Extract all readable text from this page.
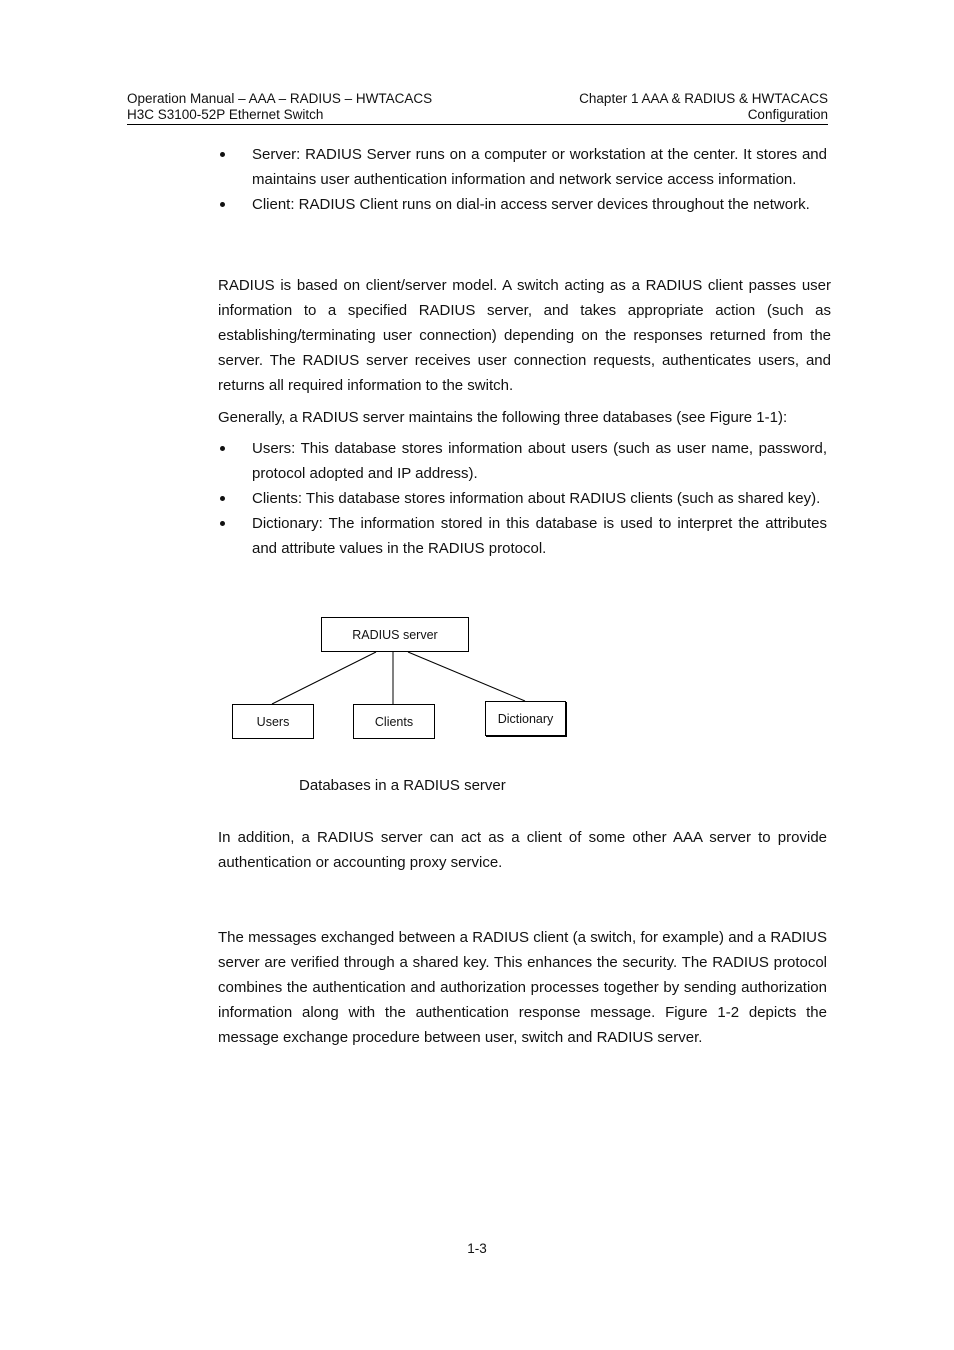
Operation Manual – AAA – RADIUS – HWTACACS
H3C S3100-52P Ethernet Switch
Chapter 1 AAA & RADIUS & HWTACACS
Configuration
Server: RADIUS Server runs on a computer or workstation at the center. It stores and maintains user authentication information and network service access information.
Client: RADIUS Client runs on dial-in access server devices throughout the network.
RADIUS is based on client/server model. A switch acting as a RADIUS client passes user information to a specified RADIUS server, and takes appropriate action (such as establishing/terminating user connection) depending on the responses returned from the server. The RADIUS server receives user connection requests, authenticates users, and returns all required information to the switch.
Generally, a RADIUS server maintains the following three databases (see Figure 1-1):
Users: This database stores information about users (such as user name, password, protocol adopted and IP address).
Clients: This database stores information about RADIUS clients (such as shared key).
Dictionary: The information stored in this database is used to interpret the attributes and attribute values in the RADIUS protocol.
RADIUS server
Users	Clients	Dictionary
Databases in a RADIUS server
In addition, a RADIUS server can act as a client of some other AAA server to provide authentication or accounting proxy service.
The messages exchanged between a RADIUS client (a switch, for example) and a RADIUS server are verified through a shared key. This enhances the security. The RADIUS protocol combines the authentication and authorization processes together by sending authorization information along with the authentication response message. Figure 1-2 depicts the message exchange procedure between user, switch and RADIUS server.
1-3
